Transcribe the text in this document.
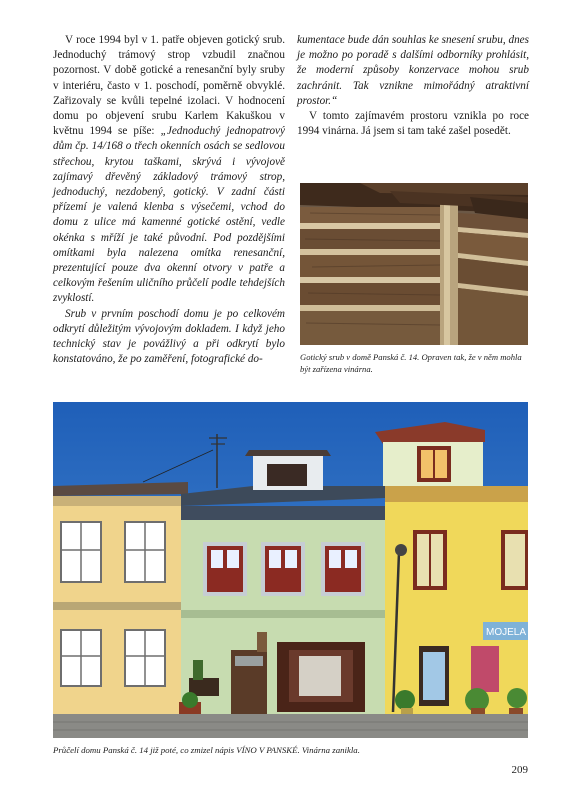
V roce 1994 byl v 1. patře objeven gotický srub. Jednoduchý trámový strop vzbudil značnou pozornost. V době gotické a renesanční byly sruby v interiéru, často v 1. poschodí, poměrně obvyklé. Zařizovaly se kvůli tepelné izolaci. V hodnocení domu po objevení srubu Karlem Kakuškou v květnu 1994 se píše: „Jednoduchý jednopatrový dům čp. 14/168 o třech okenních osách se sedlovou střechou, krytou taškami, skrývá i vývojově zajímavý dřevěný základový trámový strop, jednoduchý, nezdobený, gotický. V zadní části přízemí je valená klenba s výsečemi, vchod do domu z ulice má kamenné gotické ostění, vedle okénka s mříží je také původní. Pod pozdějšími omítkami byla nalezena omítka renesanční, prezentující pouze dva okenní otvory v patře a celkovým řešením uličního průčelí podle tehdejších zvyklostí.

Srub v prvním poschodí domu je po celkovém odkrytí důležitým vývojovým dokladem. I když jeho technický stav je povážlivý a při odkrytí bylo konstatováno, že po zaměření, fotografické do-

kumentace bude dán souhlas ke snesení srubu, dnes je možno po poradě s dalšími odborníky prohlásit, že moderní způsoby konzervace mohou srub zachránit. Tak vznikne mimořádný atraktivní prostor.“

V tomto zajímavém prostoru vznikla po roce 1994 vinárna. Já jsem si tam také zašel posedět.

Gotický srub v domě Panská č. 14. Opraven tak, že v něm mohla být zařízena vinárna.
MOJELA
Průčelí domu Panská č. 14 již poté, co zmizel nápis VÍNO V PANSKÉ. Vinárna zanikla.
209
